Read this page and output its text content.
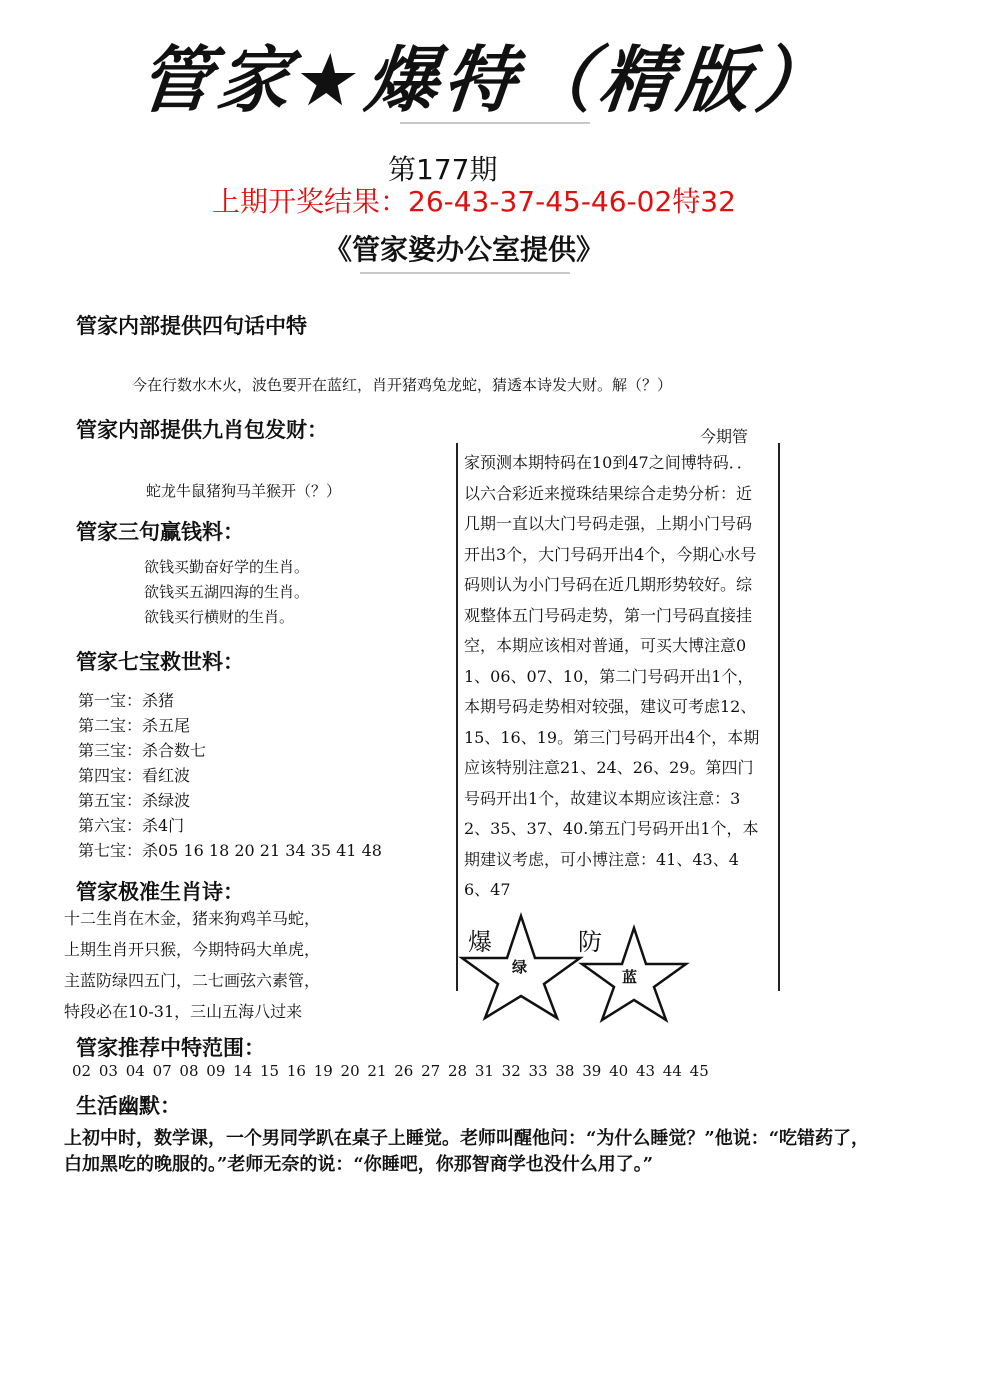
管家★爆特（精版）
第177期
上期开奖结果：26-43-37-45-46-02特32
《管家婆办公室提供》
管家内部提供四句话中特
今在行数水木火，波色要开在蓝红，肖开猪鸡兔龙蛇，猜透本诗发大财。解（？）
管家内部提供九肖包发财：
蛇龙牛鼠猪狗马羊猴开（？）
管家三句赢钱料：
欲钱买勤奋好学的生肖。
欲钱买五湖四海的生肖。
欲钱买行横财的生肖。
管家七宝救世料：
第一宝：杀猪
第二宝：杀五尾
第三宝：杀合数七
第四宝：看红波
第五宝：杀绿波
第六宝：杀4门
第七宝：杀05 16 18 20 21 34 35 41 48
管家极准生肖诗：
十二生肖在木金，猪来狗鸡羊马蛇，
上期生肖开只猴，今期特码大单虎，
主蓝防绿四五门，二七画弦六素管，
特段必在10-31，三山五海八过来
今期管
家预测本期特码在10到47之间博特码．．　　以六合彩近来搅珠结果综合走势分析：近几期一直以大门号码走强，上期小门号码开出3个，大门号码开出4个，今期心水号码则认为小门号码在近几期形势较好。综观整体五门号码走势，第一门号码直接挂空，本期应该相对普通，可买大博注意01、06、07、10，第二门号码开出1个，本期号码走势相对较强，建议可考虑12、15、16、19。第三门号码开出4个，本期应该特别注意21、24、26、29。第四门号码开出1个，故建议本期应该注意：32、35、37、40.第五门号码开出1个，本期建议考虑，可小博注意：41、43、46、47
爆
绿
防
蓝
管家推荐中特范围：
02 03 04 07 08 09 14 15 16 19 20 21 26 27 28 31 32 33 38 39 40 43 44 45
生活幽默：
上初中时，数学课，一个男同学趴在桌子上睡觉。老师叫醒他问：“为什么睡觉？”他说：“吃错药了，
白加黑吃的晚服的。”老师无奈的说：“你睡吧，你那智商学也没什么用了。”
